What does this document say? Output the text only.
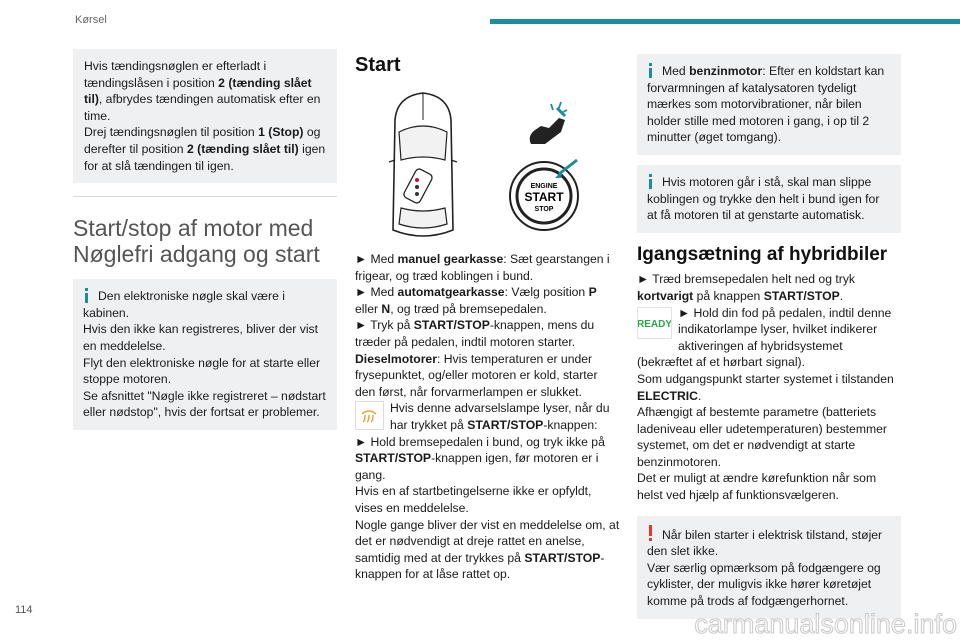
Kørsel

Hvis tændingsnøglen er efterladt i tændingslåsen i position 2 (tænding slået til), afbrydes tændingen automatisk efter en time.

Drej tændingsnøglen til position 1 (Stop) og derefter til position 2 (tænding slået til) igen for at slå tændingen til igen.

Start/stop af motor med Nøglefri adgang og start

Den elektroniske nøgle skal være i kabinen.

Hvis den ikke kan registreres, bliver der vist en meddelelse.

Flyt den elektroniske nøgle for at starte eller stoppe motoren.

Se afsnittet "Nøgle ikke registreret – nødstart eller nødstop", hvis der fortsat er problemer.

Start

ENGINE
START
STOP

► Med manuel gearkasse: Sæt gearstangen i frigear, og træd koblingen i bund.

► Med automatgearkasse: Vælg position P eller N, og træd på bremsepedalen.

► Tryk på START/STOP-knappen, mens du træder på pedalen, indtil motoren starter.

Dieselmotorer: Hvis temperaturen er under frysepunktet, og/eller motoren er kold, starter den først, når forvarmerlampen er slukket.

Hvis denne advarselslampe lyser, når du har trykket på START/STOP-knappen:

► Hold bremsepedalen i bund, og tryk ikke på START/STOP-knappen igen, før motoren er i gang.

Hvis en af startbetingelserne ikke er opfyldt, vises en meddelelse.

Nogle gange bliver der vist en meddelelse om, at det er nødvendigt at dreje rattet en anelse, samtidig med at der trykkes på START/STOP-knappen for at låse rattet op.

Med benzinmotor: Efter en koldstart kan forvarmningen af katalysatoren tydeligt mærkes som motorvibrationer, når bilen holder stille med motoren i gang, i op til 2 minutter (øget tomgang).

Hvis motoren går i stå, skal man slippe koblingen og trykke den helt i bund igen for at få motoren til at genstarte automatisk.

Igangsætning af hybridbiler

► Træd bremsepedalen helt ned og tryk kortvarigt på knappen START/STOP.
READY
► Hold din fod på pedalen, indtil denne indikatorlampe lyser, hvilket indikerer aktiveringen af hybridsystemet (bekræftet af et hørbart signal).

Som udgangspunkt starter systemet i tilstanden ELECTRIC.

Afhængigt af bestemte parametre (batteriets ladeniveau eller udetemperaturen) bestemmer systemet, om det er nødvendigt at starte benzinmotoren.

Det er muligt at ændre kørefunktion når som helst ved hjælp af funktionsvælgeren.

Når bilen starter i elektrisk tilstand, støjer den slet ikke.

Vær særlig opmærksom på fodgængere og cyklister, der muligvis ikke hører køretøjet komme på trods af fodgængerhornet.

114	carmanualsonline.info
